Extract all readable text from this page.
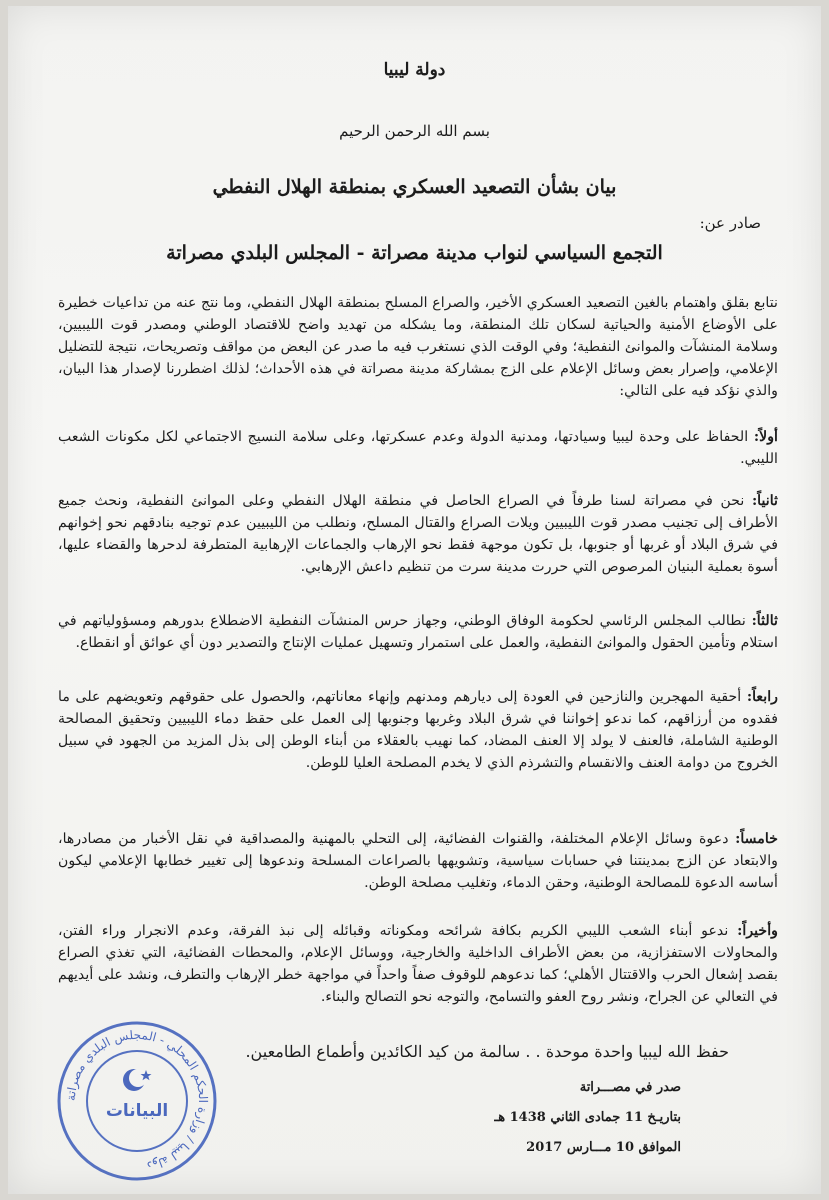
دولة ليبيا
بسم الله الرحمن الرحيم
بيان بشأن التصعيد العسكري بمنطقة الهلال النفطي
صادر عن:
التجمع السياسي لنواب مدينة مصراتة - المجلس البلدي مصراتة
نتابع بقلق واهتمام بالغين التصعيد العسكري الأخير، والصراع المسلح بمنطقة الهلال النفطي، وما نتج عنه من تداعيات خطيرة على الأوضاع الأمنية والحياتية لسكان تلك المنطقة، وما يشكله من تهديد واضح للاقتصاد الوطني ومصدر قوت الليبيين، وسلامة المنشآت والموانئ النفطية؛ وفي الوقت الذي نستغرب فيه ما صدر عن البعض من مواقف وتصريحات، نتيجة للتضليل الإعلامي، وإصرار بعض وسائل الإعلام على الزج بمشاركة مدينة مصراتة في هذه الأحداث؛ لذلك اضطررنا لإصدار هذا البيان، والذي نؤكد فيه على التالي:
أولاً: الحفاظ على وحدة ليبيا وسيادتها، ومدنية الدولة وعدم عسكرتها، وعلى سلامة النسيج الاجتماعي لكل مكونات الشعب الليبي.
ثانياً: نحن في مصراتة لسنا طرفاً في الصراع الحاصل في منطقة الهلال النفطي وعلى الموانئ النفطية، ونحث جميع الأطراف إلى تجنيب مصدر قوت الليبيين ويلات الصراع والقتال المسلح، ونطلب من الليبيين عدم توجيه بنادقهم نحو إخوانهم في شرق البلاد أو غربها أو جنوبها، بل تكون موجهة فقط نحو الإرهاب والجماعات الإرهابية المتطرفة لدحرها والقضاء عليها، أسوة بعملية البنيان المرصوص التي حررت مدينة سرت من تنظيم داعش الإرهابي.
ثالثاً: نطالب المجلس الرئاسي لحكومة الوفاق الوطني، وجهاز حرس المنشآت النفطية الاضطلاع بدورهم ومسؤولياتهم في استلام وتأمين الحقول والموانئ النفطية، والعمل على استمرار وتسهيل عمليات الإنتاج والتصدير دون أي عوائق أو انقطاع.
رابعاً: أحقية المهجرين والنازحين في العودة إلى ديارهم ومدنهم وإنهاء معاناتهم، والحصول على حقوقهم وتعويضهم على ما فقدوه من أرزاقهم، كما ندعو إخواننا في شرق البلاد وغربها وجنوبها إلى العمل على حقظ دماء الليبيين وتحقيق المصالحة الوطنية الشاملة، فالعنف لا يولد إلا العنف المضاد، كما نهيب بالعقلاء من أبناء الوطن إلى بذل المزيد من الجهود في سبيل الخروج من دوامة العنف والانقسام والتشرذم الذي لا يخدم المصلحة العليا للوطن.
خامساً: دعوة وسائل الإعلام المختلفة، والقنوات الفضائية، إلى التحلي بالمهنية والمصداقية في نقل الأخبار من مصادرها، والابتعاد عن الزج بمدينتنا في حسابات سياسية، وتشويهها بالصراعات المسلحة وندعوها إلى تغيير خطابها الإعلامي ليكون أساسه الدعوة للمصالحة الوطنية، وحقن الدماء، وتغليب مصلحة الوطن.
وأخيراً: ندعو أبناء الشعب الليبي الكريم بكافة شرائحه ومكوناته وقبائله إلى نبذ الفرقة، وعدم الانجرار وراء الفتن، والمحاولات الاستفزازية، من بعض الأطراف الداخلية والخارجية، ووسائل الإعلام، والمحطات الفضائية، التي تغذي الصراع بقصد إشعال الحرب والاقتتال الأهلي؛ كما ندعوهم للوقوف صفاً واحداً في مواجهة خطر الإرهاب والتطرف، ونشد على أيديهم في التعالي عن الجراح، ونشر روح العفو والتسامح، والتوجه نحو التصالح والبناء.
حفظ الله ليبيا واحدة موحدة . . سالمة من كيد الكائدين وأطماع الطامعين.
صدر في مصـــراتة
بتاريـخ 11 جمادى الثاني 1438 هـ
الموافق 10 مـــارس 2017
دولة ليبيا / وزارة الحكم المحلي - المجلس البلدي مصراتة
البيانات
